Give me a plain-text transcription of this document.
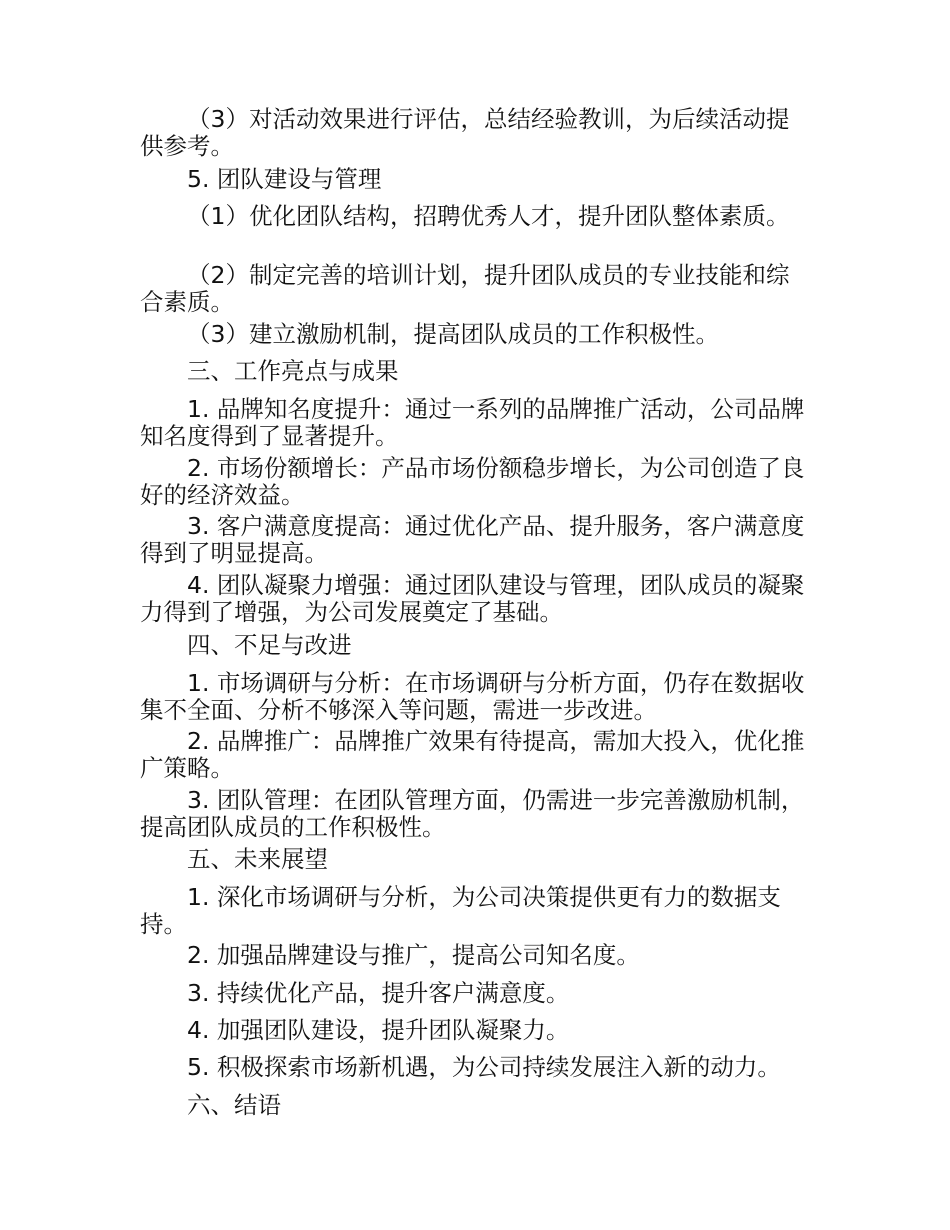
（3）对活动效果进行评估，总结经验教训，为后续活动提供参考。

5. 团队建设与管理

（1）优化团队结构，招聘优秀人才，提升团队整体素质。

（2）制定完善的培训计划，提升团队成员的专业技能和综合素质。

（3）建立激励机制，提高团队成员的工作积极性。

三、工作亮点与成果

1. 品牌知名度提升：通过一系列的品牌推广活动，公司品牌知名度得到了显著提升。

2. 市场份额增长：产品市场份额稳步增长，为公司创造了良好的经济效益。

3. 客户满意度提高：通过优化产品、提升服务，客户满意度得到了明显提高。

4. 团队凝聚力增强：通过团队建设与管理，团队成员的凝聚力得到了增强，为公司发展奠定了基础。

四、不足与改进

1. 市场调研与分析：在市场调研与分析方面，仍存在数据收集不全面、分析不够深入等问题，需进一步改进。

2. 品牌推广：品牌推广效果有待提高，需加大投入，优化推广策略。

3. 团队管理：在团队管理方面，仍需进一步完善激励机制，提高团队成员的工作积极性。

五、未来展望

1. 深化市场调研与分析，为公司决策提供更有力的数据支持。

2. 加强品牌建设与推广，提高公司知名度。

3. 持续优化产品，提升客户满意度。

4. 加强团队建设，提升团队凝聚力。

5. 积极探索市场新机遇，为公司持续发展注入新的动力。

六、结语
